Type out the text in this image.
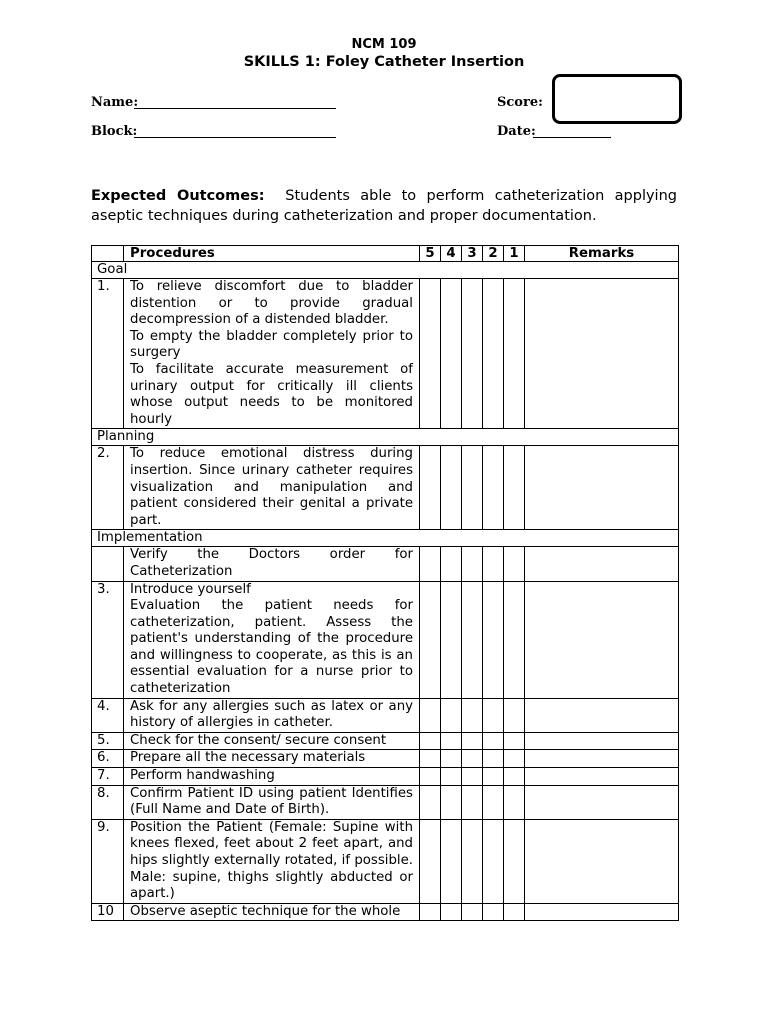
NCM 109
SKILLS 1: Foley Catheter Insertion
Name:
Block:
Score:
Date:
Expected Outcomes: Students able to perform catheterization applying aseptic techniques during catheterization and proper documentation.
	Procedures	5	4	3	2	1	Remarks
Goal							
1.	To relieve discomfort due to bladder distention or to provide gradual decompression of a distended bladder.
To empty the bladder completely prior to surgery
To facilitate accurate measurement of urinary output for critically ill clients whose output needs to be monitored hourly						

Planning							
2.	To reduce emotional distress during insertion. Since urinary catheter requires visualization and manipulation and patient considered their genital a private part.						

Implementation							

	Verify the Doctors order for Catheterization						

3.	Introduce yourself
Evaluation the patient needs for catheterization, patient. Assess the patient's understanding of the procedure and willingness to cooperate, as this is an essential evaluation for a nurse prior to catheterization						

4.	Ask for any allergies such as latex or any history of allergies in catheter.						

5.	Check for the consent/ secure consent						

6.	Prepare all the necessary materials						

7.	Perform handwashing						

8.	Confirm Patient ID using patient Identifies (Full Name and Date of Birth).						

9.	Position the Patient (Female: Supine with knees flexed, feet about 2 feet apart, and hips slightly externally rotated, if possible. Male: supine, thighs slightly abducted or apart.)						

10	Observe aseptic technique for the whole						
